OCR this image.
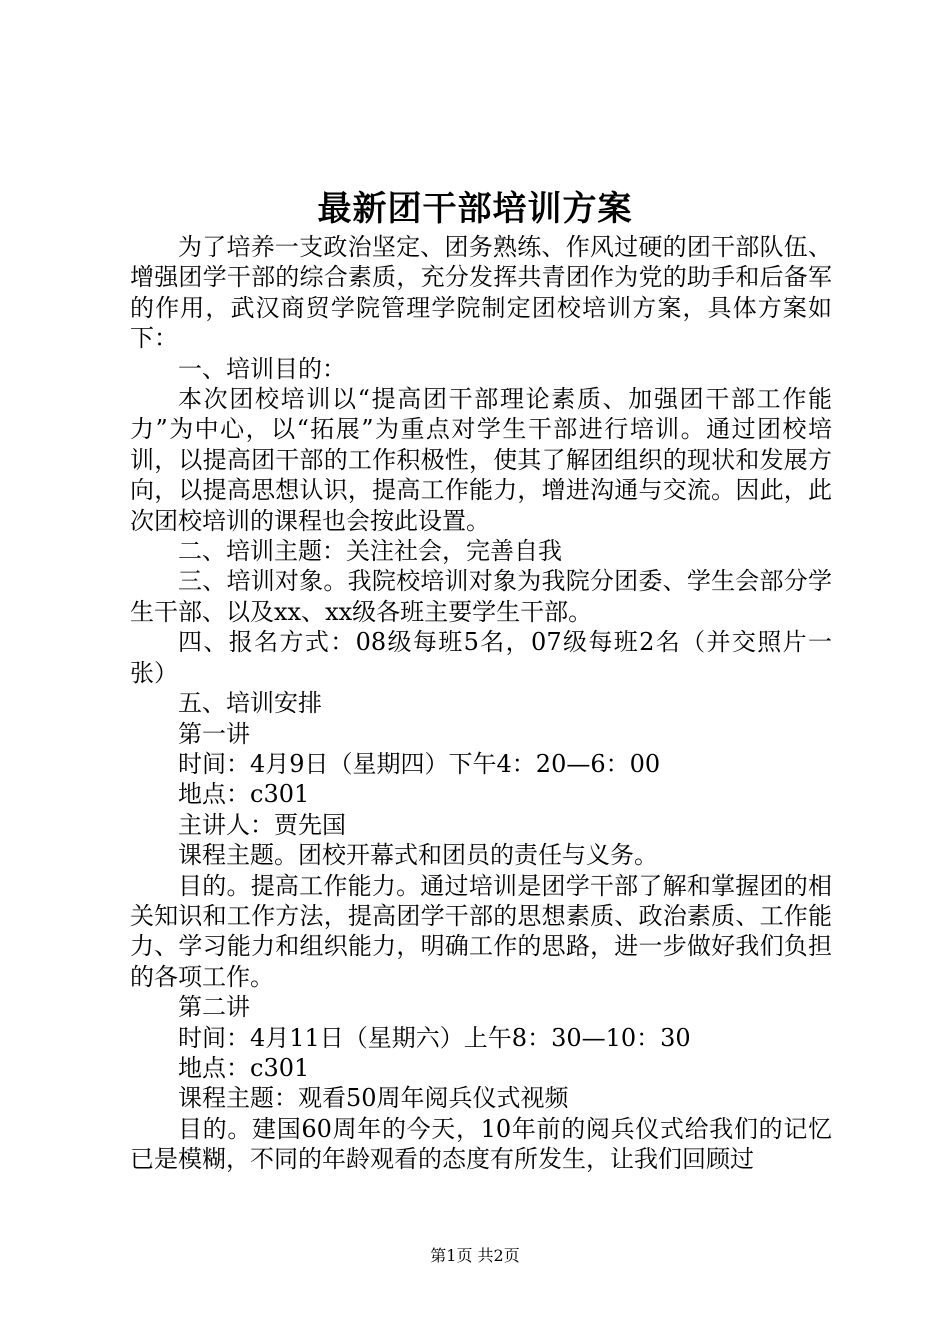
最新团干部培训方案

为了培养一支政治坚定、团务熟练、作风过硬的团干部队伍、增强团学干部的综合素质，充分发挥共青团作为党的助手和后备军的作用，武汉商贸学院管理学院制定团校培训方案，具体方案如下：

一、培训目的：

本次团校培训以“提高团干部理论素质、加强团干部工作能力”为中心，以“拓展”为重点对学生干部进行培训。通过团校培训，以提高团干部的工作积极性，使其了解团组织的现状和发展方向，以提高思想认识，提高工作能力，增进沟通与交流。因此，此次团校培训的课程也会按此设置。

二、培训主题：关注社会，完善自我

三、培训对象。我院校培训对象为我院分团委、学生会部分学生干部、以及xx、xx级各班主要学生干部。

四、报名方式：08级每班5名，07级每班2名（并交照片一张）

五、培训安排

第一讲

时间：4月9日（星期四）下午4：20—6：00

地点：c301

主讲人：贾先国

课程主题。团校开幕式和团员的责任与义务。

目的。提高工作能力。通过培训是团学干部了解和掌握团的相关知识和工作方法，提高团学干部的思想素质、政治素质、工作能力、学习能力和组织能力，明确工作的思路，进一步做好我们负担的各项工作。

第二讲

时间：4月11日（星期六）上午8：30—10：30

地点：c301

课程主题：观看50周年阅兵仪式视频

目的。建国60周年的今天，10年前的阅兵仪式给我们的记忆已是模糊，不同的年龄观看的态度有所发生，让我们回顾过

第1页 共2页
